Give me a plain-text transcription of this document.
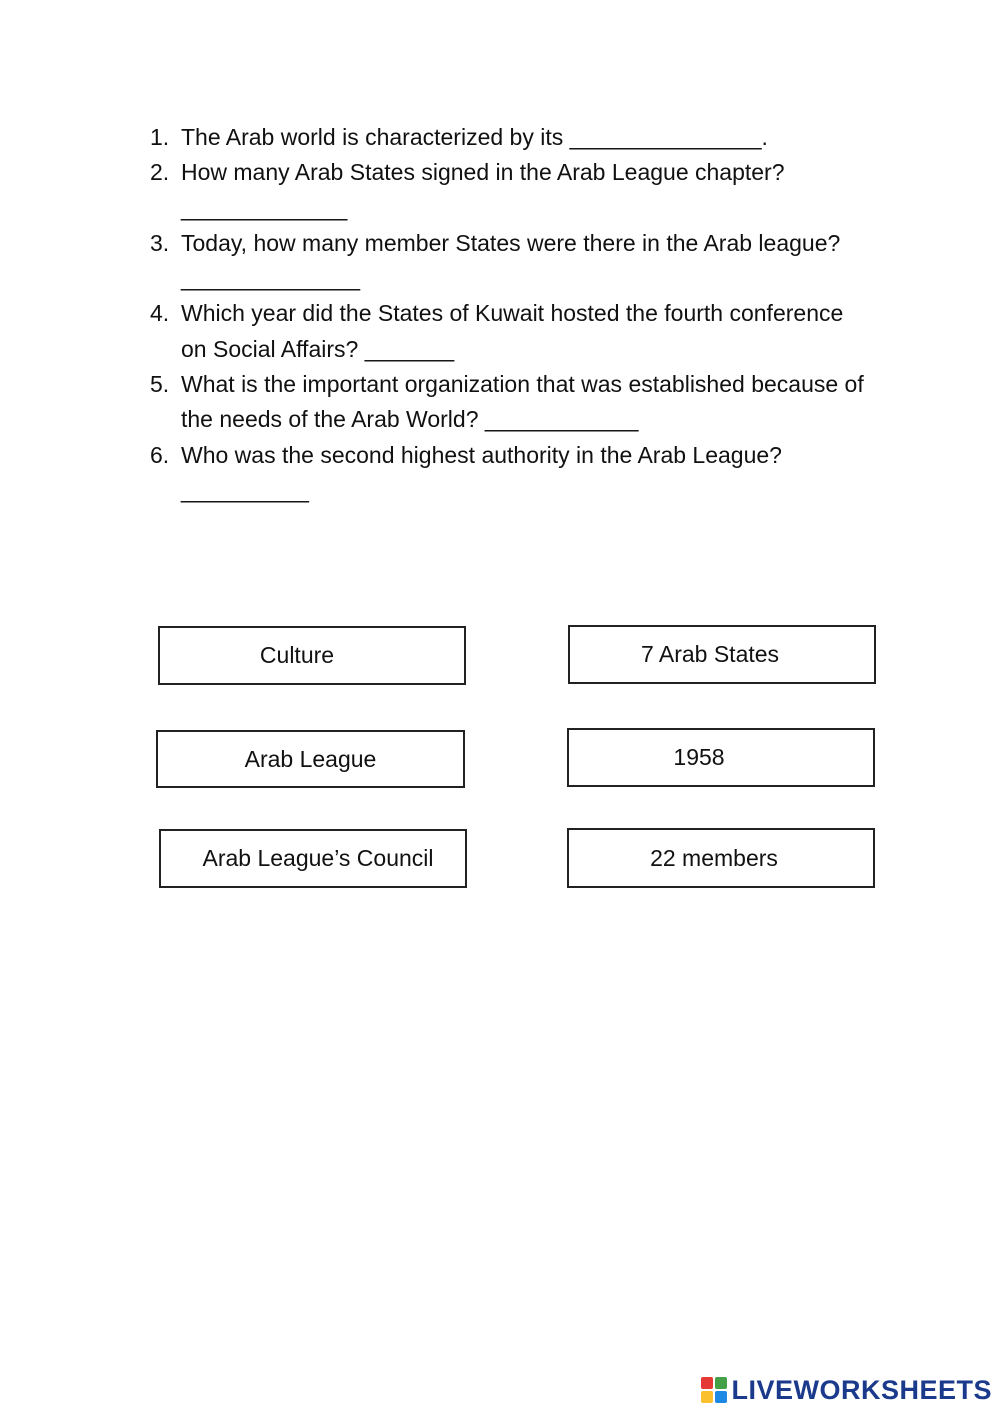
1. The Arab world is characterized by its _______________.
2. How many Arab States signed in the Arab League chapter?
_____________
3. Today, how many member States were there in the Arab league? ______________
4. Which year did the States of Kuwait hosted the fourth conference on Social Affairs? _______
5. What is the important organization that was established because of the needs of the Arab World? ____________
6. Who was the second highest authority in the Arab League?
__________
Culture	7 Arab States
Arab League	1958
Arab League’s Council	22 members
LIVEWORKSHEETS
